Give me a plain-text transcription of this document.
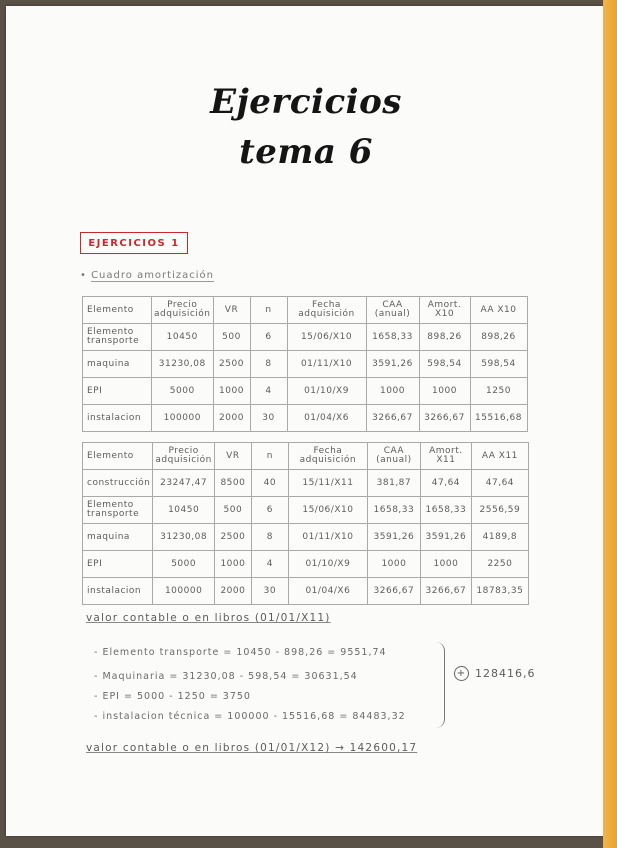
Ejercicios
tema 6
EJERCICIOS 1
• Cuadro amortización
Elemento	Precio adquisición	VR	n	Fecha adquisición	CAA (anual)	Amort. X10	AA X10
Elemento transporte	10450	500	6	15/06/X10	1658,33	898,26	898,26
maquina	31230,08	2500	8	01/11/X10	3591,26	598,54	598,54
EPI	5000	1000	4	01/10/X9	1000	1000	1250
instalacion	100000	2000	30	01/04/X6	3266,67	3266,67	15516,68
Elemento	Precio adquisición	VR	n	Fecha adquisición	CAA (anual)	Amort. X11	AA X11
construcción	23247,47	8500	40	15/11/X11	381,87	47,64	47,64
Elemento transporte	10450	500	6	15/06/X10	1658,33	1658,33	2556,59
maquina	31230,08	2500	8	01/11/X10	3591,26	3591,26	4189,8
EPI	5000	1000	4	01/10/X9	1000	1000	2250
instalacion	100000	2000	30	01/04/X6	3266,67	3266,67	18783,35
valor contable o en libros (01/01/X11)
- Elemento transporte = 10450 - 898,26 = 9551,74
- Maquinaria = 31230,08 - 598,54 = 30631,54
- EPI = 5000 - 1250 = 3750
- instalacion técnica = 100000 - 15516,68 = 84483,32
+ 128416,6
valor contable o en libros (01/01/X12) → 142600,17
